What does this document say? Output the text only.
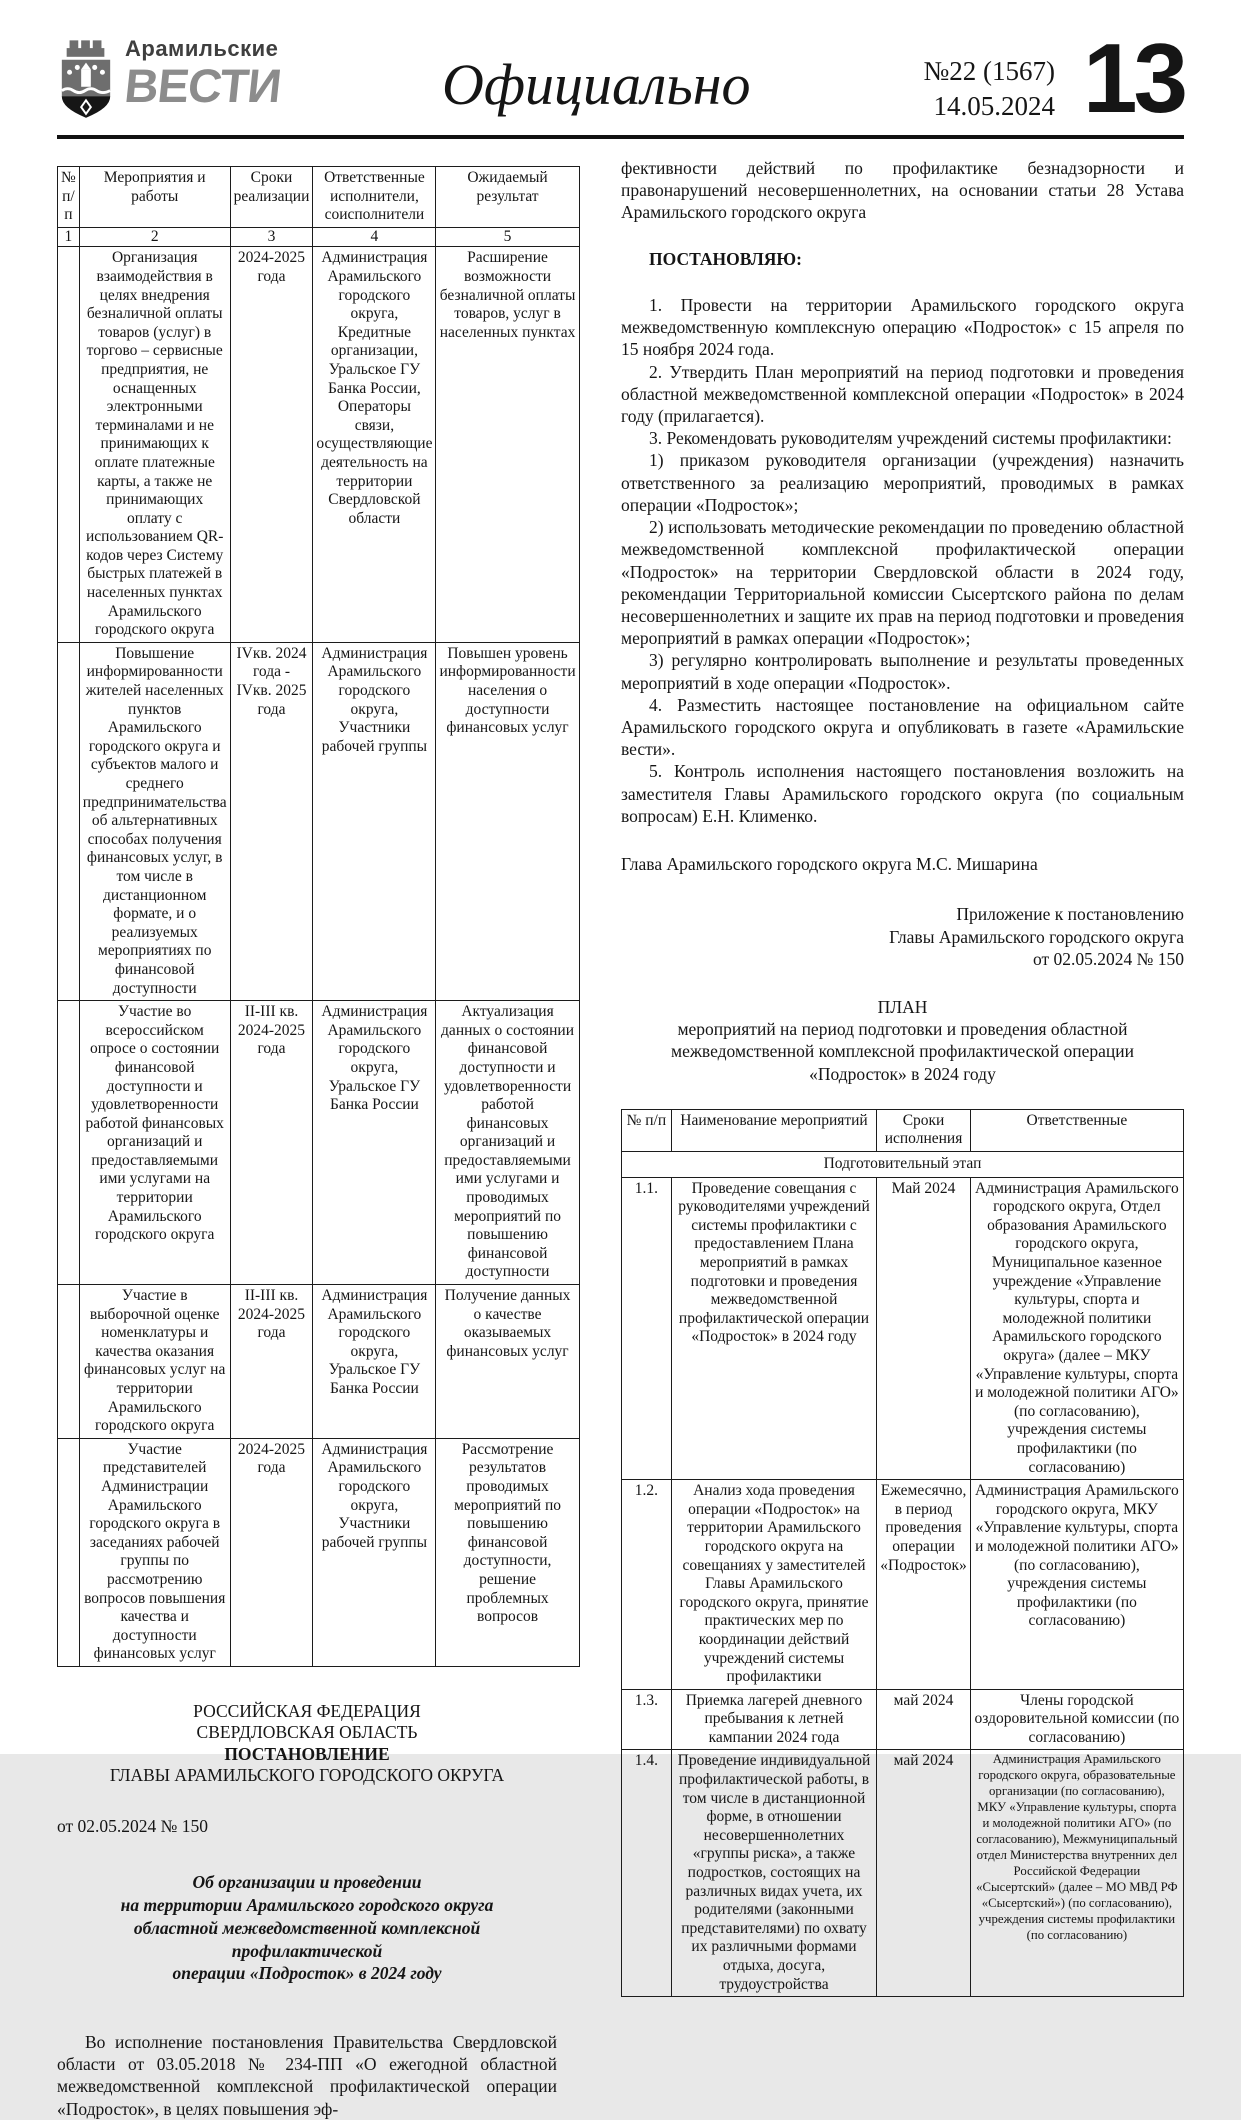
Арамильские
ВЕСТИ	Официально	№22 (1567)
14.05.2024 13
№ п/п	Мероприятия и работы	Сроки реализации	Ответственные исполнители, соисполнители	Ожидаемый результат
1	2	3	4	5
	Организация взаимодействия в целях внедрения безналичной оплаты товаров (услуг) в торгово – сервисные предприятия, не оснащенных электронными терминалами и не принимающих к оплате платежные карты, а также не принимающих оплату с использованием QR-кодов через Систему быстрых платежей в населенных пунктах Арамильского городского округа	2024-2025 года	Администрация Арамильского городского округа, Кредитные организации, Уральское ГУ Банка России, Операторы связи, осуществляющие деятельность на территории Свердловской области	Расширение возможности безналичной оплаты товаров, услуг в населенных пунктах
	Повышение информированности жителей населенных пунктов Арамильского городского округа и субъектов малого и среднего предпринимательства об альтернативных способах получения финансовых услуг, в том числе в дистанционном формате, и о реализуемых мероприятиях по финансовой доступности	IVкв. 2024 года - IVкв. 2025 года	Администрация Арамильского городского округа, Участники рабочей группы	Повышен уровень информированности населения о доступности финансовых услуг
	Участие во всероссийском опросе о состоянии финансовой доступности и удовлетворенности работой финансовых организаций и предоставляемыми ими услугами на территории Арамильского городского округа	II-III кв. 2024-2025 года	Администрация Арамильского городского округа, Уральское ГУ Банка России	Актуализация данных о состоянии финансовой доступности и удовлетворенности работой финансовых организаций и предоставляемыми ими услугами и проводимых мероприятий по повышению финансовой доступности
	Участие в выборочной оценке номенклатуры и качества оказания финансовых услуг на территории Арамильского городского округа	II-III кв. 2024-2025 года	Администрация Арамильского городского округа, Уральское ГУ Банка России	Получение данных о качестве оказываемых финансовых услуг
	Участие представителей Администрации Арамильского городского округа в заседаниях рабочей группы по рассмотрению вопросов повышения качества и доступности финансовых услуг	2024-2025 года	Администрация Арамильского городского округа, Участники рабочей группы	Рассмотрение результатов проводимых мероприятий по повышению финансовой доступности, решение проблемных вопросов
РОССИЙСКАЯ ФЕДЕРАЦИЯ
СВЕРДЛОВСКАЯ ОБЛАСТЬ
ПОСТАНОВЛЕНИЕ
ГЛАВЫ АРАМИЛЬСКОГО ГОРОДСКОГО ОКРУГА
от 02.05.2024 № 150
Об организации и проведении
на территории Арамильского городского округа
областной межведомственной комплексной профилактической
операции «Подросток» в 2024 году

Во исполнение постановления Правительства Свердловской области от 03.05.2018 № 234-ПП «О ежегодной областной межведомственной комплексной профилактической операции «Подросток», в целях повышения эф-

фективности действий по профилактике безнадзорности и правонарушений несовершеннолетних, на основании статьи 28 Устава Арамильского городского округа

ПОСТАНОВЛЯЮ:

1. Провести на территории Арамильского городского округа межведомственную комплексную операцию «Подросток» с 15 апреля по 15 ноября 2024 года.

2. Утвердить План мероприятий на период подготовки и проведения областной межведомственной комплексной операции «Подросток» в 2024 году (прилагается).

3. Рекомендовать руководителям учреждений системы профилактики:

1) приказом руководителя организации (учреждения) назначить ответственного за реализацию мероприятий, проводимых в рамках операции «Подросток»;

2) использовать методические рекомендации по проведению областной межведомственной комплексной профилактической операции «Подросток» на территории Свердловской области в 2024 году, рекомендации Территориальной комиссии Сысертского района по делам несовершеннолетних и защите их прав на период подготовки и проведения мероприятий в рамках операции «Подросток»;

3) регулярно контролировать выполнение и результаты проведенных мероприятий в ходе операции «Подросток».

4. Разместить настоящее постановление на официальном сайте Арамильского городского округа и опубликовать в газете «Арамильские вести».

5. Контроль исполнения настоящего постановления возложить на заместителя Главы Арамильского городского округа (по социальным вопросам) Е.Н. Клименко.

Глава Арамильского городского округа М.С. Мишарина

Приложение к постановлению
Главы Арамильского городского округа
от 02.05.2024 № 150
ПЛАН
мероприятий на период подготовки и проведения областной межведомственной комплексной профилактической операции «Подросток» в 2024 году
№ п/п	Наименование мероприятий	Сроки исполнения	Ответственные
Подготовительный этап			
1.1.	Проведение совещания с руководителями учреждений системы профилактики с предоставлением Плана мероприятий в рамках подготовки и проведения межведомственной профилактической операции «Подросток» в 2024 году	Май 2024	Администрация Арамильского городского округа, Отдел образования Арамильского городского округа, Муниципальное казенное учреждение «Управление культуры, спорта и молодежной политики Арамильского городского округа» (далее – МКУ «Управление культуры, спорта и молодежной политики АГО» (по согласованию), учреждения системы профилактики (по согласованию)
1.2.	Анализ хода проведения операции «Подросток» на территории Арамильского городского округа на совещаниях у заместителей Главы Арамильского городского округа, принятие практических мер по координации действий учреждений системы профилактики	Ежемесячно, в период проведения операции «Подросток»	Администрация Арамильского городского округа, МКУ «Управление культуры, спорта и молодежной политики АГО» (по согласованию), учреждения системы профилактики (по согласованию)
1.3.	Приемка лагерей дневного пребывания к летней кампании 2024 года	май 2024	Члены городской оздоровительной комиссии (по согласованию)
1.4.	Проведение индивидуальной профилактической работы, в том числе в дистанционной форме, в отношении несовершеннолетних «группы риска», а также подростков, состоящих на различных видах учета, их родителями (законными представителями) по охвату их различными формами отдыха, досуга, трудоустройства	май 2024	Администрация Арамильского городского округа, образовательные организации (по согласованию), МКУ «Управление культуры, спорта и молодежной политики АГО» (по согласованию), Межмуниципальный отдел Министерства внутренних дел Российской Федерации «Сысертский» (далее – МО МВД РФ «Сысертский») (по согласованию), учреждения системы профилактики (по согласованию)
